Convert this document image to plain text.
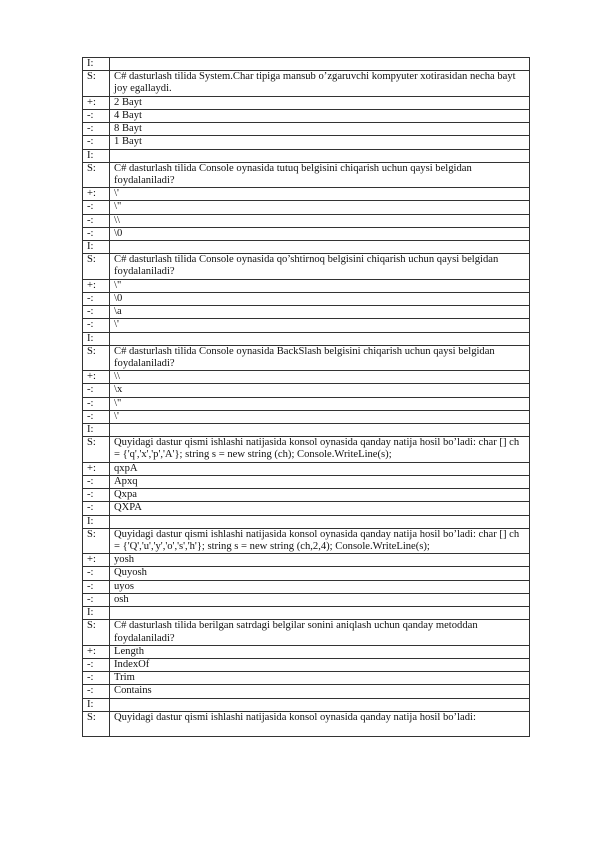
I:	
S:	C# dasturlash tilida System.Char tipiga mansub o’zgaruvchi kompyuter xotirasidan necha bayt joy egallaydi.
+:	2 Bayt
-:	4 Bayt
-:	8 Bayt
-:	1 Bayt
I:	
S:	C# dasturlash tilida Console oynasida tutuq belgisini chiqarish uchun qaysi belgidan foydalaniladi?
+:	\'
-:	\"
-:	\\
-:	\0
I:	
S:	C# dasturlash tilida Console oynasida qo’shtirnoq belgisini chiqarish uchun qaysi belgidan foydalaniladi?
+:	\"
-:	\0
-:	\a
-:	\'
I:	
S:	C# dasturlash tilida Console oynasida BackSlash belgisini chiqarish uchun qaysi belgidan foydalaniladi?
+:	\\
-:	\x
-:	\"
-:	\'
I:	
S:	Quyidagi dastur qismi ishlashi natijasida konsol oynasida qanday natija hosil bo’ladi: char [] ch = {'q','x','p','A'}; string s = new string (ch); Console.WriteLine(s);
+:	qxpA
-:	Apxq
-:	Qxpa
-:	QXPA
I:	
S:	Quyidagi dastur qismi ishlashi natijasida konsol oynasida qanday natija hosil bo’ladi: char [] ch = {'Q','u','y','o','s','h'}; string s = new string (ch,2,4); Console.WriteLine(s);
+:	yosh
-:	Quyosh
-:	uyos
-:	osh
I:	
S:	C# dasturlash tilida berilgan satrdagi belgilar sonini aniqlash uchun qanday metoddan foydalaniladi?
+:	Length
-:	IndexOf
-:	Trim
-:	Contains
I:	
S:	Quyidagi dastur qismi ishlashi natijasida konsol oynasida qanday natija hosil bo’ladi:
